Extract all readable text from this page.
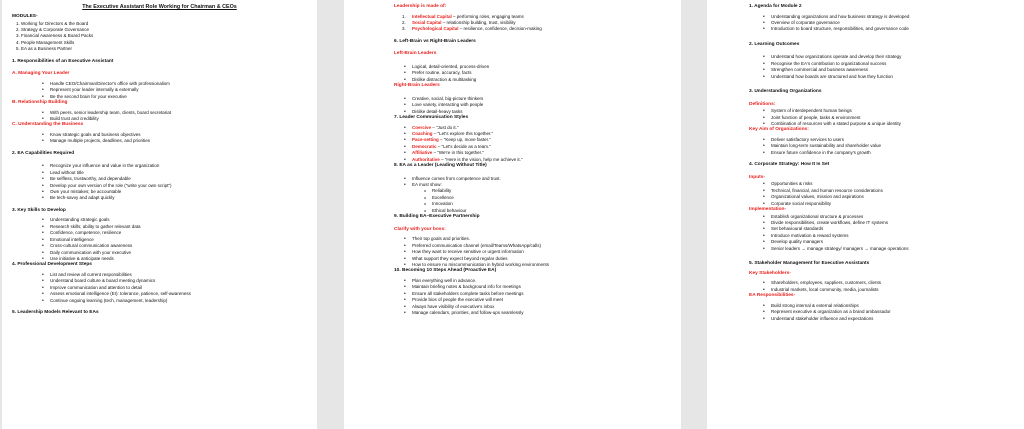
The Executive Assistant Role Working for Chairman & CEOs
MODULES-
1. Working for Directors & the Board
2. Strategy & Corporate Governance
3. Financial Awareness & Board Packs
4. People Management Skills
5. EA as a Business Partner
1. Responsibilities of an Executive Assistant
A. Managing Your Leader
• Handle CEO/Chairman/Director's office with professionalism
• Represent your leader internally & externally
• Be the second brain for your executive
B. Relationship Building
• With peers, senior leadership team, clients, board secretariat
• Build trust and credibility
C. Understanding the Business
• Know strategic goals and business objectives
• Manage multiple projects, deadlines, and priorities
2. EA Capabilities Required
• Recognize your influence and value in the organization
• Lead without title
• Be selfless, trustworthy, and dependable
• Develop your own version of the role ("write your own script")
• Own your mistakes; be accountable
• Be tech-savvy and adapt quickly
3. Key Skills to Develop
• Understanding strategic goals
• Research skills; ability to gather relevant data
• Confidence, competence, resilience
• Emotional intelligence
• Cross-cultural communication awareness
• Daily communication with your executive
• Use initiative & anticipate needs
4. Professional Development Steps
• List and review all current responsibilities
• Understand board culture & board meeting dynamics
• Improve communication and attention to detail
• Assess emotional intelligence (EI): tolerance, patience, self-awareness
• Continue ongoing learning (tech, management, leadership)
5. Leadership Models Relevant to EAs
Leadership is made of:
1. Intellectual Capital – performing roles, engaging teams
2. Social Capital – relationship building, trust, visibility
3. Psychological Capital – resilience, confidence, decision-making
6. Left-Brain vs Right-Brain Leaders
Left-Brain Leaders
• Logical, detail-oriented, process-driven
• Prefer routine, accuracy, facts
• Dislike distraction & multitasking
Right-Brain Leaders
• Creative, social, big-picture thinkers
• Love variety, interacting with people
• Dislike detail-heavy tasks
7. Leader Communication Styles
• Coercive – "Just do it."
• Coaching – "Let's explore this together."
• Pace-setting – "Keep up, move faster."
• Democratic – "Let's decide as a team."
• Affiliative – "We're in this together."
• Authoritative – "Here is the vision, help me achieve it."
8. EA as a Leader (Leading Without Title)
• Influence comes from competence and trust.
• EA must show:
o Reliability
o Excellence
o Innovation
o Ethical behaviour
9. Building EA–Executive Partnership
Clarify with your boss:
• Their top goals and priorities.
• Preferred communication channel (email/Teams/WhatsApp/calls)
• How they want to receive sensitive or urgent information
• What support they expect beyond regular duties
• How to ensure no miscommunication in hybrid working environments
10. Becoming 10 Steps Ahead (Proactive EA)
• Plan everything well in advance.
• Maintain briefing notes & background info for meetings
• Ensure all stakeholders complete tasks before meetings
• Provide bios of people the executive will meet
• Always have visibility of executive's inbox
• Manage calendars, priorities, and follow-ups seamlessly
1. Agenda for Module 2
• Understanding organizations and how business strategy is developed
• Overview of corporate governance
• Introduction to board structure, responsibilities, and governance code
2. Learning Outcomes
• Understand how organizations operate and develop their strategy
• Recognise the EA's contribution to organizational success
• Strengthen commercial and business awareness
• Understand how boards are structured and how they function
3. Understanding Organizations
Definitions:
• System of interdependent human beings
• Joint function of people, tasks & environment
• Combination of resources with a stated purpose & unique identity
Key Aim of Organizations:
• Deliver satisfactory services to users
• Maintain long-term sustainability and shareholder value
• Ensure future confidence in the company's growth
4. Corporate Strategy: How It Is Set
Inputs-
• Opportunities & risks
• Technical, financial, and human resource considerations
• Organizational values, mission and aspirations
• Corporate social responsibility
Implementation-
• Establish organizational structure & processes
• Divide responsibilities, create workflows, define IT systems
• Set behavioural standards
• Introduce motivation & reward systems
• Develop quality managers
• Senior leaders → manage strategy/ managers → manage operations
5. Stakeholder Management for Executive Assistants
Key Stakeholders-
• Shareholders, employees, suppliers, customers, clients
• Industrial markets, local community, media, journalists
EA Responsibilities-
• Build strong internal & external relationships
• Represent executive & organization as a brand ambassador
• Understand stakeholder influence and expectations
